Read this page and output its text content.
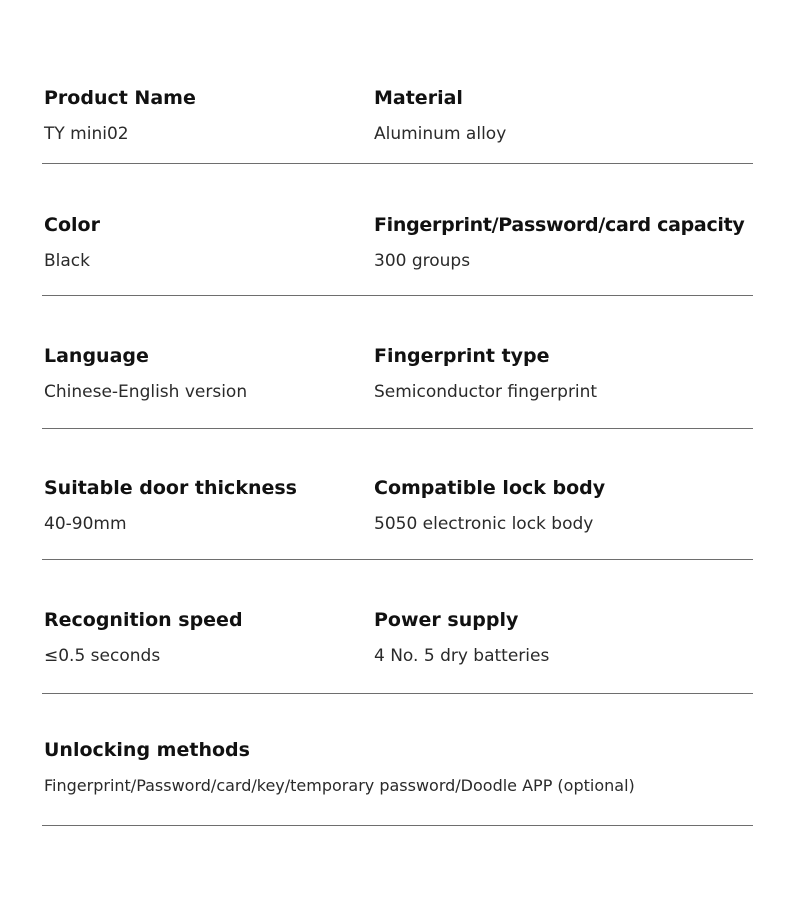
Product Name
TY mini02
Material
Aluminum alloy
Color
Black
Fingerprint/Password/card capacity
300 groups
Language
Chinese-English version
Fingerprint type
Semiconductor fingerprint
Suitable door thickness
40-90mm
Compatible lock body
5050 electronic lock body
Recognition speed
≤0.5 seconds
Power supply
4 No. 5 dry batteries
Unlocking methods
Fingerprint/Password/card/key/temporary password/Doodle APP (optional)
